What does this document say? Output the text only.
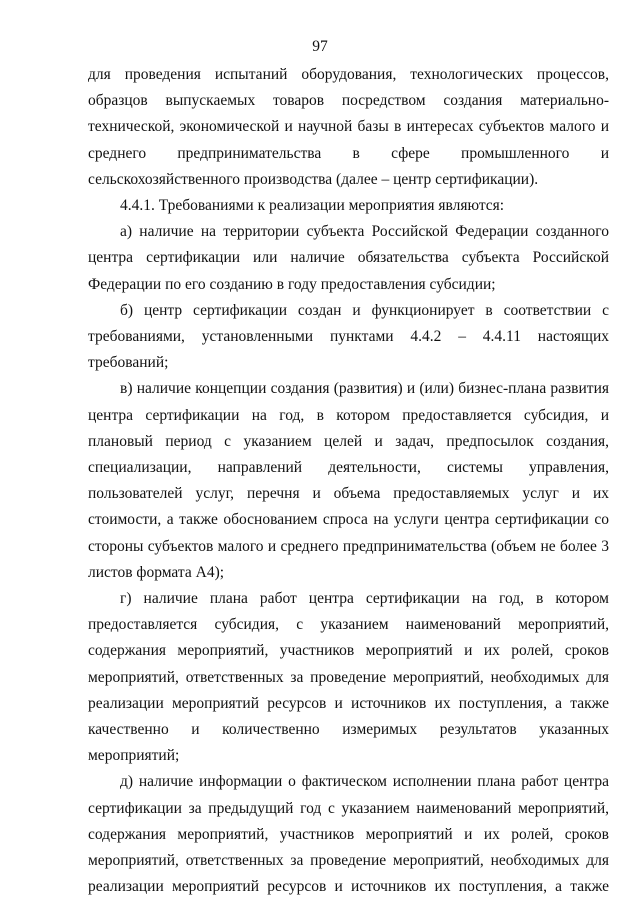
97

для проведения испытаний оборудования, технологических процессов, образцов выпускаемых товаров посредством создания материально-технической, экономической и научной базы в интересах субъектов малого и среднего предпринимательства в сфере промышленного и сельскохозяйственного производства (далее – центр сертификации).

4.4.1. Требованиями к реализации мероприятия являются:

а) наличие на территории субъекта Российской Федерации созданного центра сертификации или наличие обязательства субъекта Российской Федерации по его созданию в году предоставления субсидии;

б) центр сертификации создан и функционирует в соответствии с требованиями, установленными пунктами 4.4.2 – 4.4.11 настоящих требований;

в) наличие концепции создания (развития) и (или) бизнес-плана развития центра сертификации на год, в котором предоставляется субсидия, и плановый период с указанием целей и задач, предпосылок создания, специализации, направлений деятельности, системы управления, пользователей услуг, перечня и объема предоставляемых услуг и их стоимости, а также обоснованием спроса на услуги центра сертификации со стороны субъектов малого и среднего предпринимательства (объем не более 3 листов формата А4);

г) наличие плана работ центра сертификации на год, в котором предоставляется субсидия, с указанием наименований мероприятий, содержания мероприятий, участников мероприятий и их ролей, сроков мероприятий, ответственных за проведение мероприятий, необходимых для реализации мероприятий ресурсов и источников их поступления, а также качественно и количественно измеримых результатов указанных мероприятий;

д) наличие информации о фактическом исполнении плана работ центра сертификации за предыдущий год с указанием наименований мероприятий, содержания мероприятий, участников мероприятий и их ролей, сроков мероприятий, ответственных за проведение мероприятий, необходимых для реализации мероприятий ресурсов и источников их поступления, а также
